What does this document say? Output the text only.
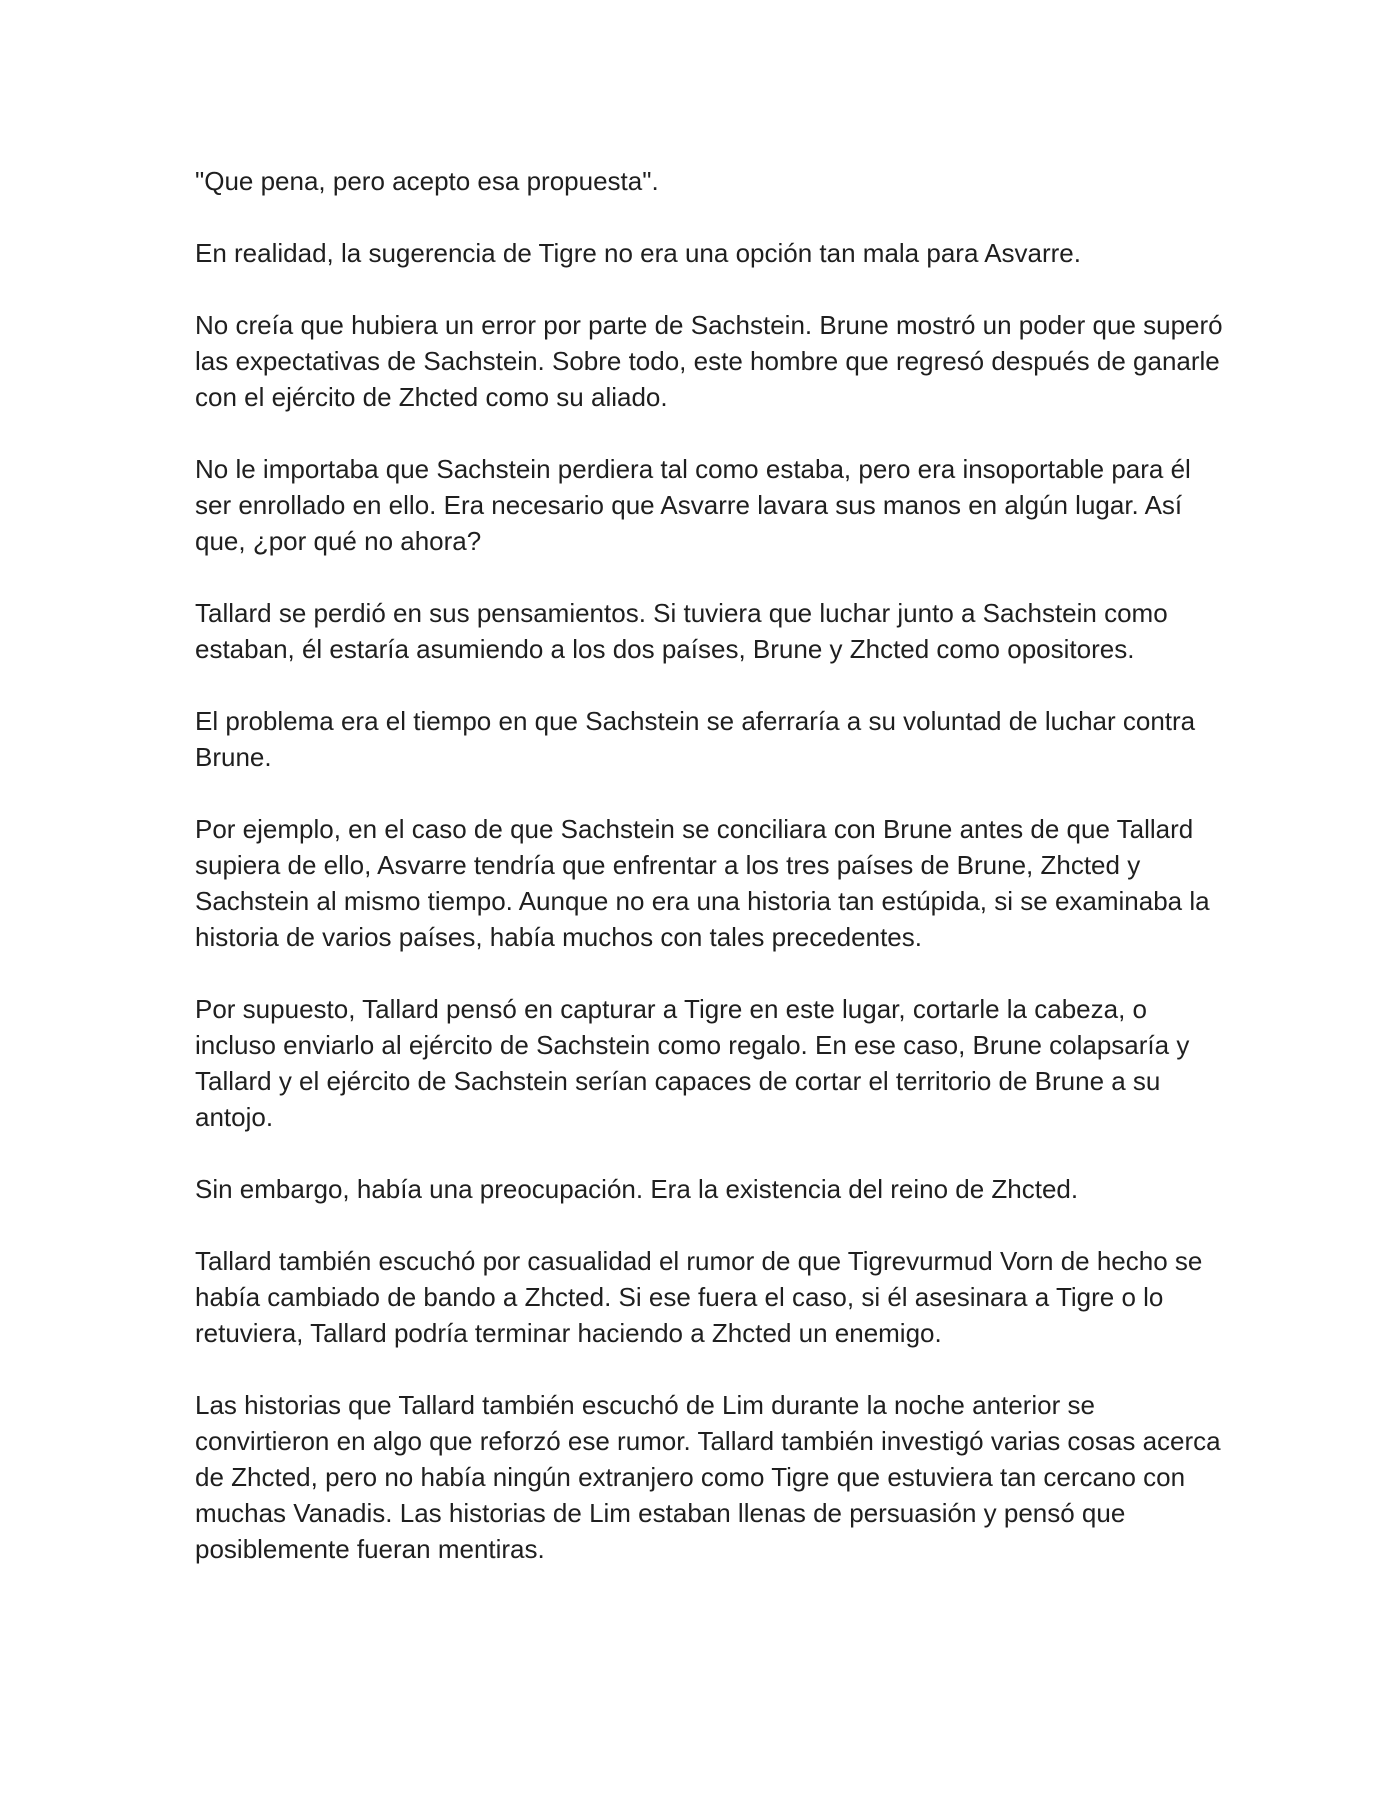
"Que pena, pero acepto esa propuesta".

En realidad, la sugerencia de Tigre no era una opción tan mala para Asvarre.

No creía que hubiera un error por parte de Sachstein. Brune mostró un poder que superó las expectativas de Sachstein. Sobre todo, este hombre que regresó después de ganarle con el ejército de Zhcted como su aliado.

No le importaba que Sachstein perdiera tal como estaba, pero era insoportable para él ser enrollado en ello. Era necesario que Asvarre lavara sus manos en algún lugar. Así que, ¿por qué no ahora?

Tallard se perdió en sus pensamientos. Si tuviera que luchar junto a Sachstein como estaban, él estaría asumiendo a los dos países, Brune y Zhcted como opositores.

El problema era el tiempo en que Sachstein se aferraría a su voluntad de luchar contra Brune.

Por ejemplo, en el caso de que Sachstein se conciliara con Brune antes de que Tallard supiera de ello, Asvarre tendría que enfrentar a los tres países de Brune, Zhcted y Sachstein al mismo tiempo. Aunque no era una historia tan estúpida, si se examinaba la historia de varios países, había muchos con tales precedentes.

Por supuesto, Tallard pensó en capturar a Tigre en este lugar, cortarle la cabeza, o incluso enviarlo al ejército de Sachstein como regalo. En ese caso, Brune colapsaría y Tallard y el ejército de Sachstein serían capaces de cortar el territorio de Brune a su antojo.

Sin embargo, había una preocupación. Era la existencia del reino de Zhcted.

Tallard también escuchó por casualidad el rumor de que Tigrevurmud Vorn de hecho se había cambiado de bando a Zhcted. Si ese fuera el caso, si él asesinara a Tigre o lo retuviera, Tallard podría terminar haciendo a Zhcted un enemigo.

Las historias que Tallard también escuchó de Lim durante la noche anterior se convirtieron en algo que reforzó ese rumor. Tallard también investigó varias cosas acerca de Zhcted, pero no había ningún extranjero como Tigre que estuviera tan cercano con muchas Vanadis. Las historias de Lim estaban llenas de persuasión y pensó que posiblemente fueran mentiras.
